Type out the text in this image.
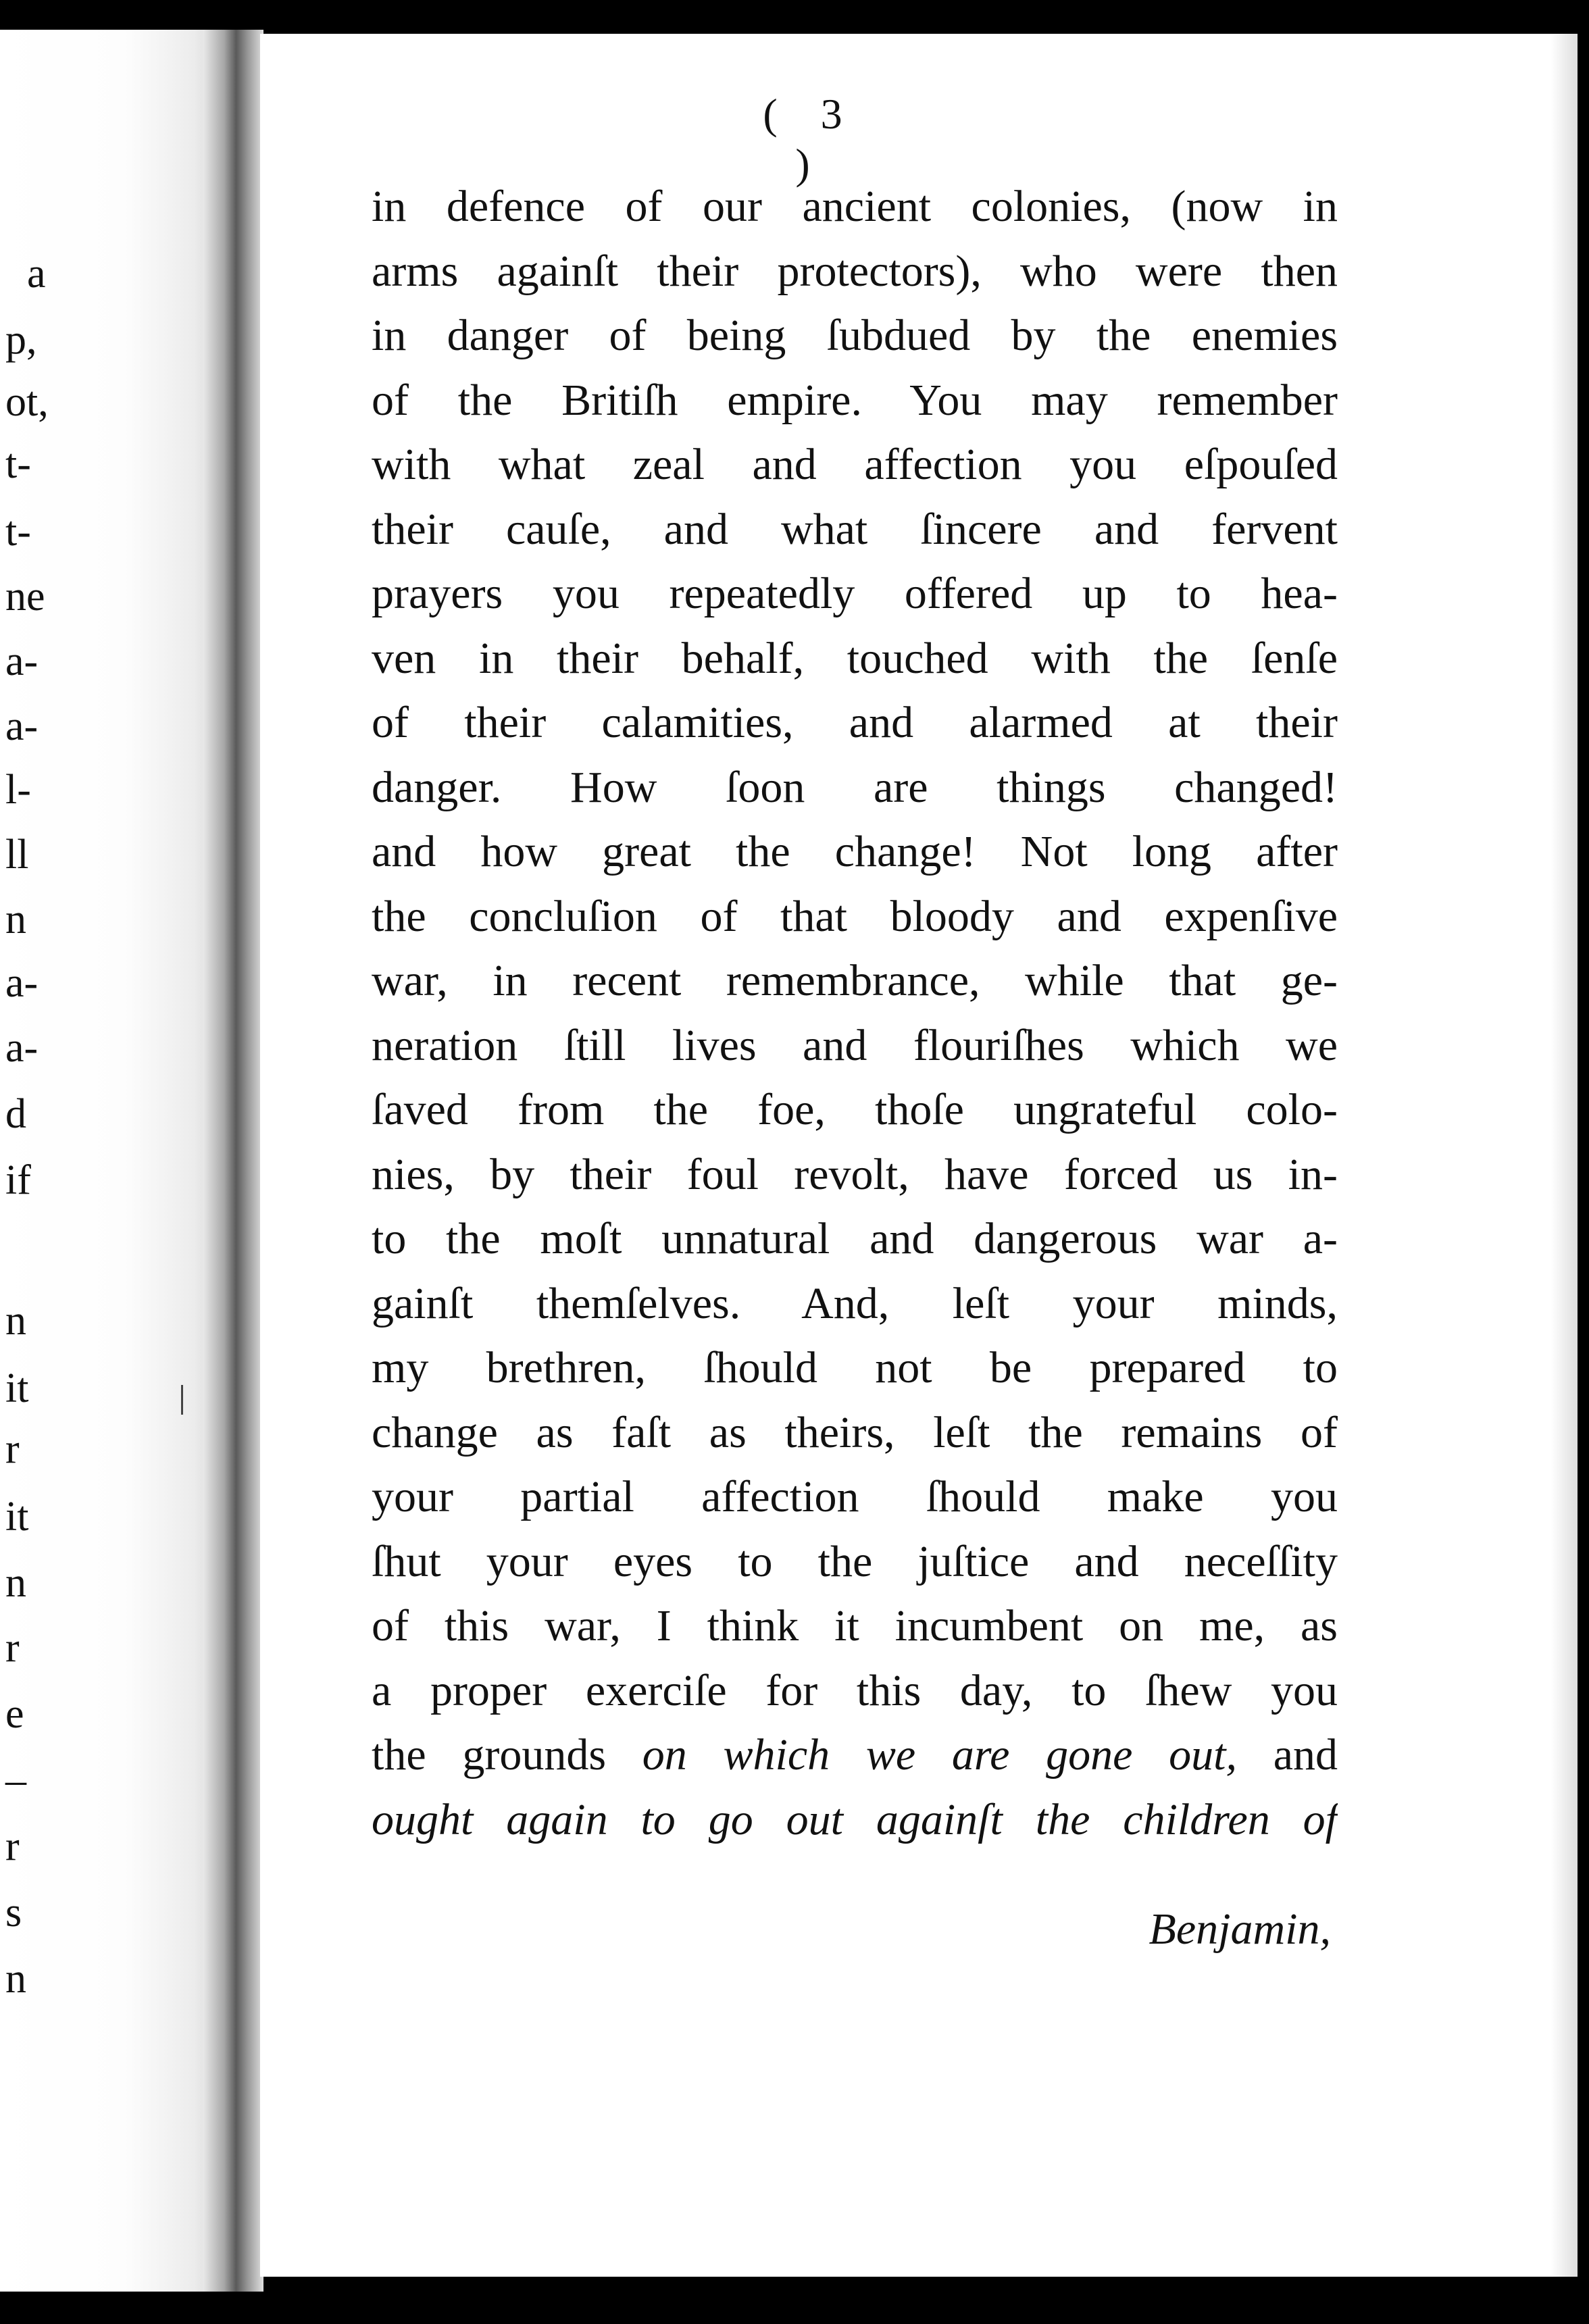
a
p,
ot,
t-
t-
ne
a-
a-
l-
ll
n
a-
a-
d
if
n
it
r
it
n
r
e
–
r
s
n
( 3 )
in defence of our ancient colonies, (now in
arms againſt their protectors), who were then
in danger of being ſubdued by the enemies
of the Britiſh empire. You may remember
with what zeal and affection you eſpouſed
their cauſe, and what ſincere and fervent
prayers you repeatedly offered up to hea-
ven in their behalf, touched with the ſenſe
of their calamities, and alarmed at their
danger. How ſoon are things changed!
and how great the change! Not long after
the concluſion of that bloody and expenſive
war, in recent remembrance, while that ge-
neration ſtill lives and flouriſhes which we
ſaved from the foe, thoſe ungrateful colo-
nies, by their foul revolt, have forced us in-
to the moſt unnatural and dangerous war a-
gainſt themſelves. And, leſt your minds,
my brethren, ſhould not be prepared to
change as faſt as theirs, leſt the remains of
your partial affection ſhould make you
ſhut your eyes to the juſtice and neceſſity
of this war, I think it incumbent on me, as
a proper exerciſe for this day, to ſhew you
the grounds on which we are gone out, and
ought again to go out againſt the children of
Benjamin,
